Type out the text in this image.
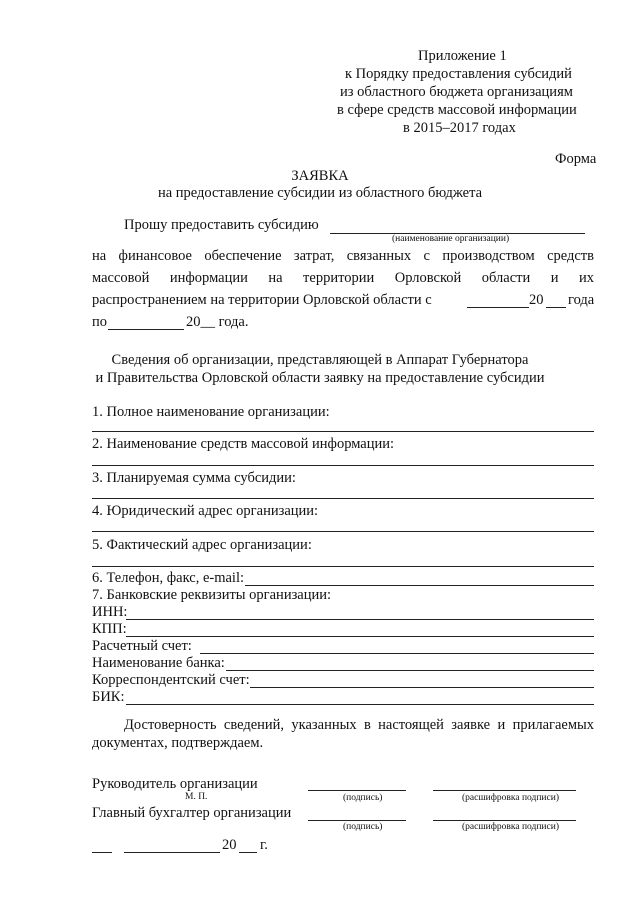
Приложение 1
к Порядку предоставления субсидий
из областного бюджета организациям
в сфере средств массовой информации
в 2015–2017 годах
Форма
ЗАЯВКА
на предоставление субсидии из областного бюджета
Прошу предоставить субсидию
(наименование организации)
на финансовое обеспечение затрат, связанных с производством средств
массовой информации на территории Орловской области и их
распространением на территории Орловской области с	20 года
по	20__ года.
Сведения об организации, представляющей в Аппарат Губернатора
и Правительства Орловской области заявку на предоставление субсидии
1. Полное наименование организации:
2. Наименование средств массовой информации:
3. Планируемая сумма субсидии:
4. Юридический адрес организации:
5. Фактический адрес организации:
6. Телефон, факс, e-mail:
7. Банковские реквизиты организации:
ИНН:
КПП:
Расчетный счет:
Наименование банка:
Корреспондентский счет:
БИК:
Достоверность сведений, указанных в настоящей заявке и прилагаемых
документах, подтверждаем.
Руководитель организации
М. П.	(подпись)	(расшифровка подписи)
Главный бухгалтер организации
(подпись)	(расшифровка подписи)
20 г.
